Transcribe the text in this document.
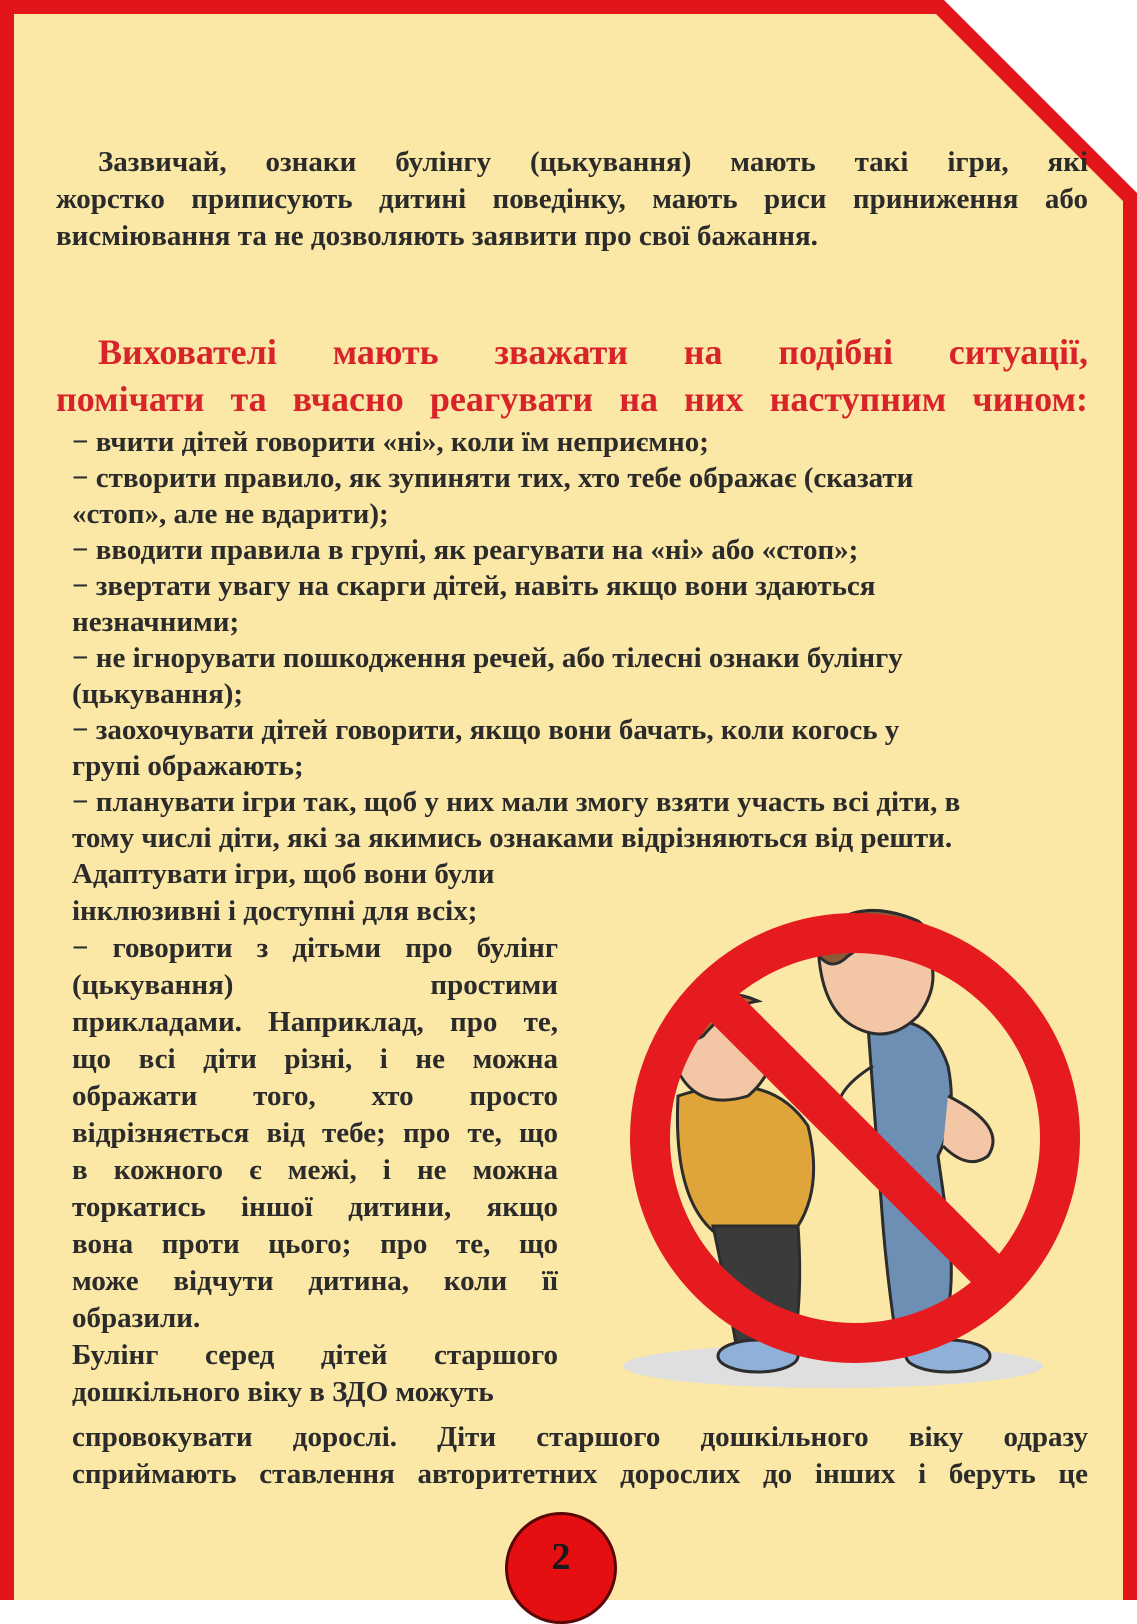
Зазвичай, ознаки булінгу (цькування) мають такі ігри, які

жорстко приписують дитині поведінку, мають риси приниження або

висміювання та не дозволяють заявити про свої бажання.

Вихователі мають зважати на подібні ситуації,

помічати та вчасно реагувати на них наступним чином:

− вчити дітей говорити «ні», коли їм неприємно;

− створити правило, як зупиняти тих, хто тебе ображає (сказати

«стоп», але не вдарити);

− вводити правила в групі, як реагувати на «ні» або «стоп»;

− звертати увагу на скарги дітей, навіть якщо вони здаються

незначними;

− не ігнорувати пошкодження речей, або тілесні ознаки булінгу

(цькування);

− заохочувати дітей говорити, якщо вони бачать, коли когось у

групі ображають;

− планувати ігри так, щоб у них мали змогу взяти участь всі діти, в

тому числі діти, які за якимись ознаками відрізняються від решти.

Адаптувати ігри, щоб вони були

інклюзивні і доступні для всіх;

− говорити з дітьми про булінг

(цькування) простими

прикладами. Наприклад, про те,

що всі діти різні, і не можна

ображати того, хто просто

відрізняється від тебе; про те, що

в кожного є межі, і не можна

торкатись іншої дитини, якщо

вона проти цього; про те, що

може відчути дитина, коли її

образили.

Булінг серед дітей старшого

дошкільного віку в ЗДО можуть

спровокувати дорослі. Діти старшого дошкільного віку одразу

сприймають ставлення авторитетних дорослих до інших і беруть це

2
